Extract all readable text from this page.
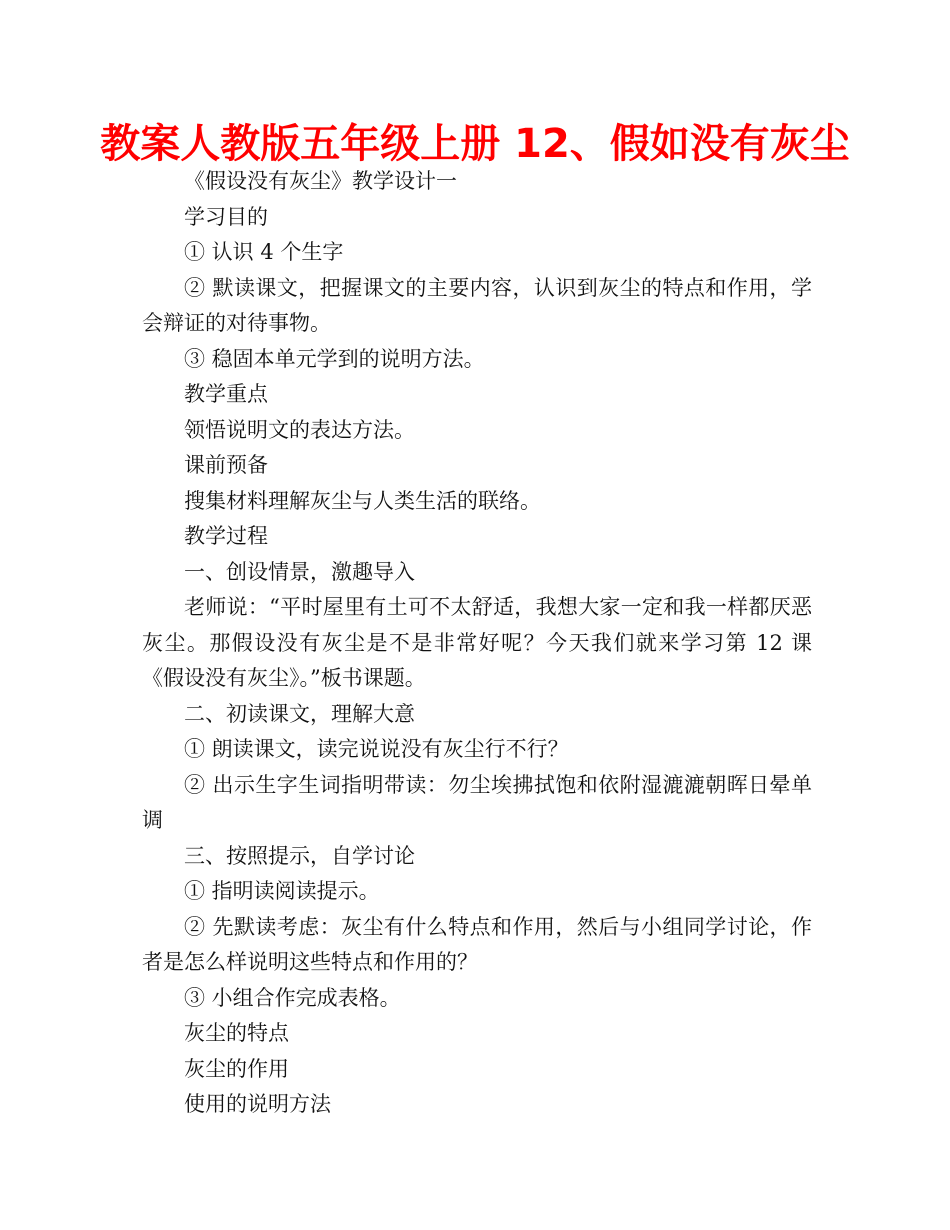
教案人教版五年级上册 12、假如没有灰尘

《假设没有灰尘》教学设计一

学习目的

① 认识 4 个生字

② 默读课文，把握课文的主要内容，认识到灰尘的特点和作用，学会辩证的对待事物。

③ 稳固本单元学到的说明方法。

教学重点

领悟说明文的表达方法。

课前预备

搜集材料理解灰尘与人类生活的联络。

教学过程

一、创设情景，激趣导入

老师说：“平时屋里有土可不太舒适，我想大家一定和我一样都厌恶灰尘。那假设没有灰尘是不是非常好呢？今天我们就来学习第 12 课《假设没有灰尘》。”板书课题。

二、初读课文，理解大意

① 朗读课文，读完说说没有灰尘行不行？

② 出示生字生词指明带读：勿尘埃拂拭饱和依附湿漉漉朝晖日晕单调

三、按照提示，自学讨论

① 指明读阅读提示。

② 先默读考虑：灰尘有什么特点和作用，然后与小组同学讨论，作者是怎么样说明这些特点和作用的？

③ 小组合作完成表格。

灰尘的特点

灰尘的作用

使用的说明方法
